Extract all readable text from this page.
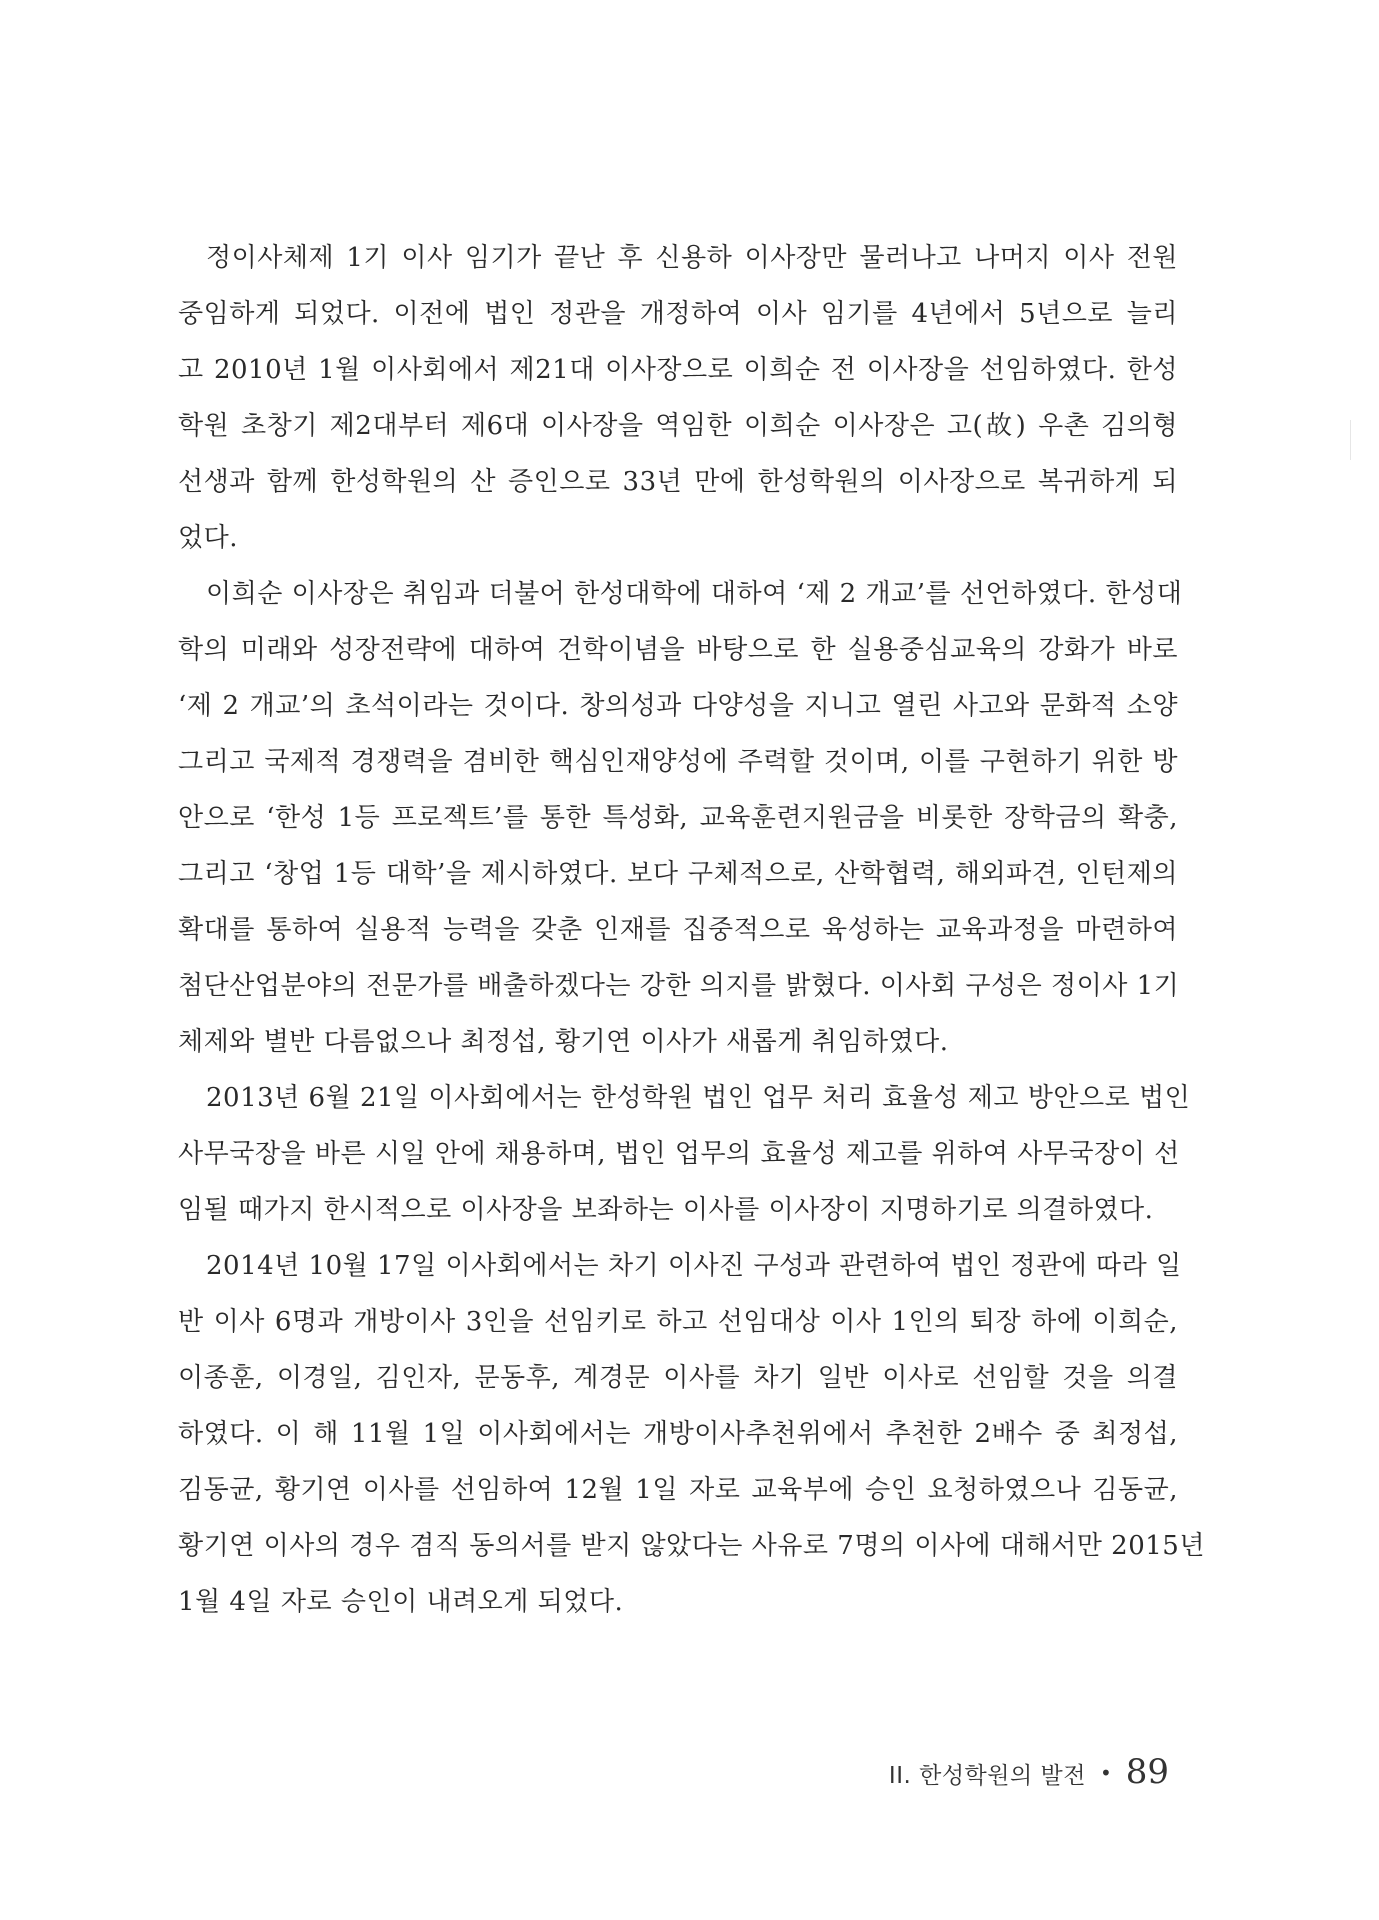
정이사체제 1기 이사 임기가 끝난 후 신용하 이사장만 물러나고 나머지 이사 전원
중임하게 되었다. 이전에 법인 정관을 개정하여 이사 임기를 4년에서 5년으로 늘리
고 2010년 1월 이사회에서 제21대 이사장으로 이희순 전 이사장을 선임하였다. 한성
학원 초창기 제2대부터 제6대 이사장을 역임한 이희순 이사장은 고(故) 우촌 김의형
선생과 함께 한성학원의 산 증인으로 33년 만에 한성학원의 이사장으로 복귀하게 되
었다.
이희순 이사장은 취임과 더불어 한성대학에 대하여 ‘제 2 개교’를 선언하였다. 한성대
학의 미래와 성장전략에 대하여 건학이념을 바탕으로 한 실용중심교육의 강화가 바로
‘제 2 개교’의 초석이라는 것이다. 창의성과 다양성을 지니고 열린 사고와 문화적 소양
그리고 국제적 경쟁력을 겸비한 핵심인재양성에 주력할 것이며, 이를 구현하기 위한 방
안으로 ‘한성 1등 프로젝트’를 통한 특성화, 교육훈련지원금을 비롯한 장학금의 확충,
그리고 ‘창업 1등 대학’을 제시하였다. 보다 구체적으로, 산학협력, 해외파견, 인턴제의
확대를 통하여 실용적 능력을 갖춘 인재를 집중적으로 육성하는 교육과정을 마련하여
첨단산업분야의 전문가를 배출하겠다는 강한 의지를 밝혔다. 이사회 구성은 정이사 1기
체제와 별반 다름없으나 최정섭, 황기연 이사가 새롭게 취임하였다.
2013년 6월 21일 이사회에서는 한성학원 법인 업무 처리 효율성 제고 방안으로 법인
사무국장을 바른 시일 안에 채용하며, 법인 업무의 효율성 제고를 위하여 사무국장이 선
임될 때가지 한시적으로 이사장을 보좌하는 이사를 이사장이 지명하기로 의결하였다.
2014년 10월 17일 이사회에서는 차기 이사진 구성과 관련하여 법인 정관에 따라 일
반 이사 6명과 개방이사 3인을 선임키로 하고 선임대상 이사 1인의 퇴장 하에 이희순,
이종훈, 이경일, 김인자, 문동후, 계경문 이사를 차기 일반 이사로 선임할 것을 의결
하였다. 이 해 11월 1일 이사회에서는 개방이사추천위에서 추천한 2배수 중 최정섭,
김동균, 황기연 이사를 선임하여 12월 1일 자로 교육부에 승인 요청하였으나 김동균,
황기연 이사의 경우 겸직 동의서를 받지 않았다는 사유로 7명의 이사에 대해서만 2015년
1월 4일 자로 승인이 내려오게 되었다.
II. 한성학원의 발전 • 89
